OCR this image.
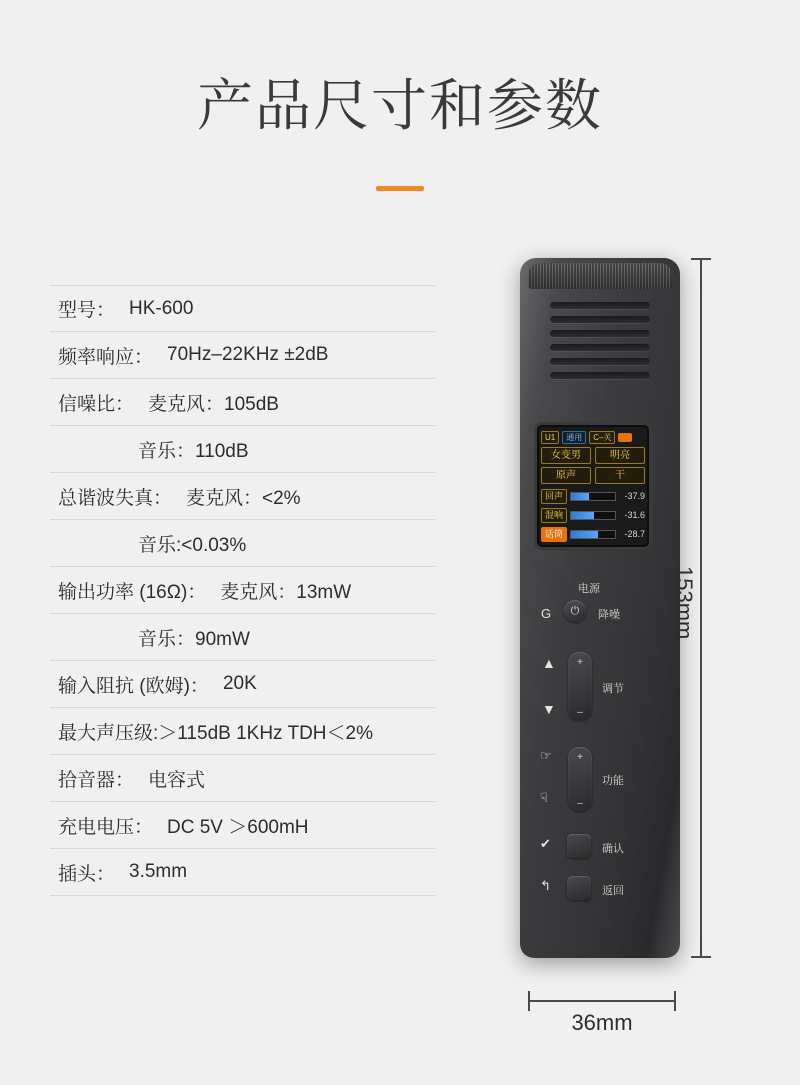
产品尺寸和参数
型号： HK-600
频率响应： 70Hz–22KHz ±2dB
信噪比： 麦克风：105dB
音乐：110dB
总谐波失真： 麦克风：<2%
音乐:<0.03%
输出功率 (16Ω)： 麦克风：13mW
音乐：90mW
输入阻抗 (欧姆)： 20K
最大声压级:＞115dB 1KHz TDH＜2%
拾音器： 电容式
充电电压： DC 5V ＞600mH
插头： 3.5mm
U1	通用	C–关
女变男	明亮
原声	干
回声	-37.9
混响	-31.6
话筒	-28.7
电源
G	⏻	降噪
▲
▼
+
–
调节
☞
☟
+
–
功能
✔	确认
↰	返回
153mm
36mm
